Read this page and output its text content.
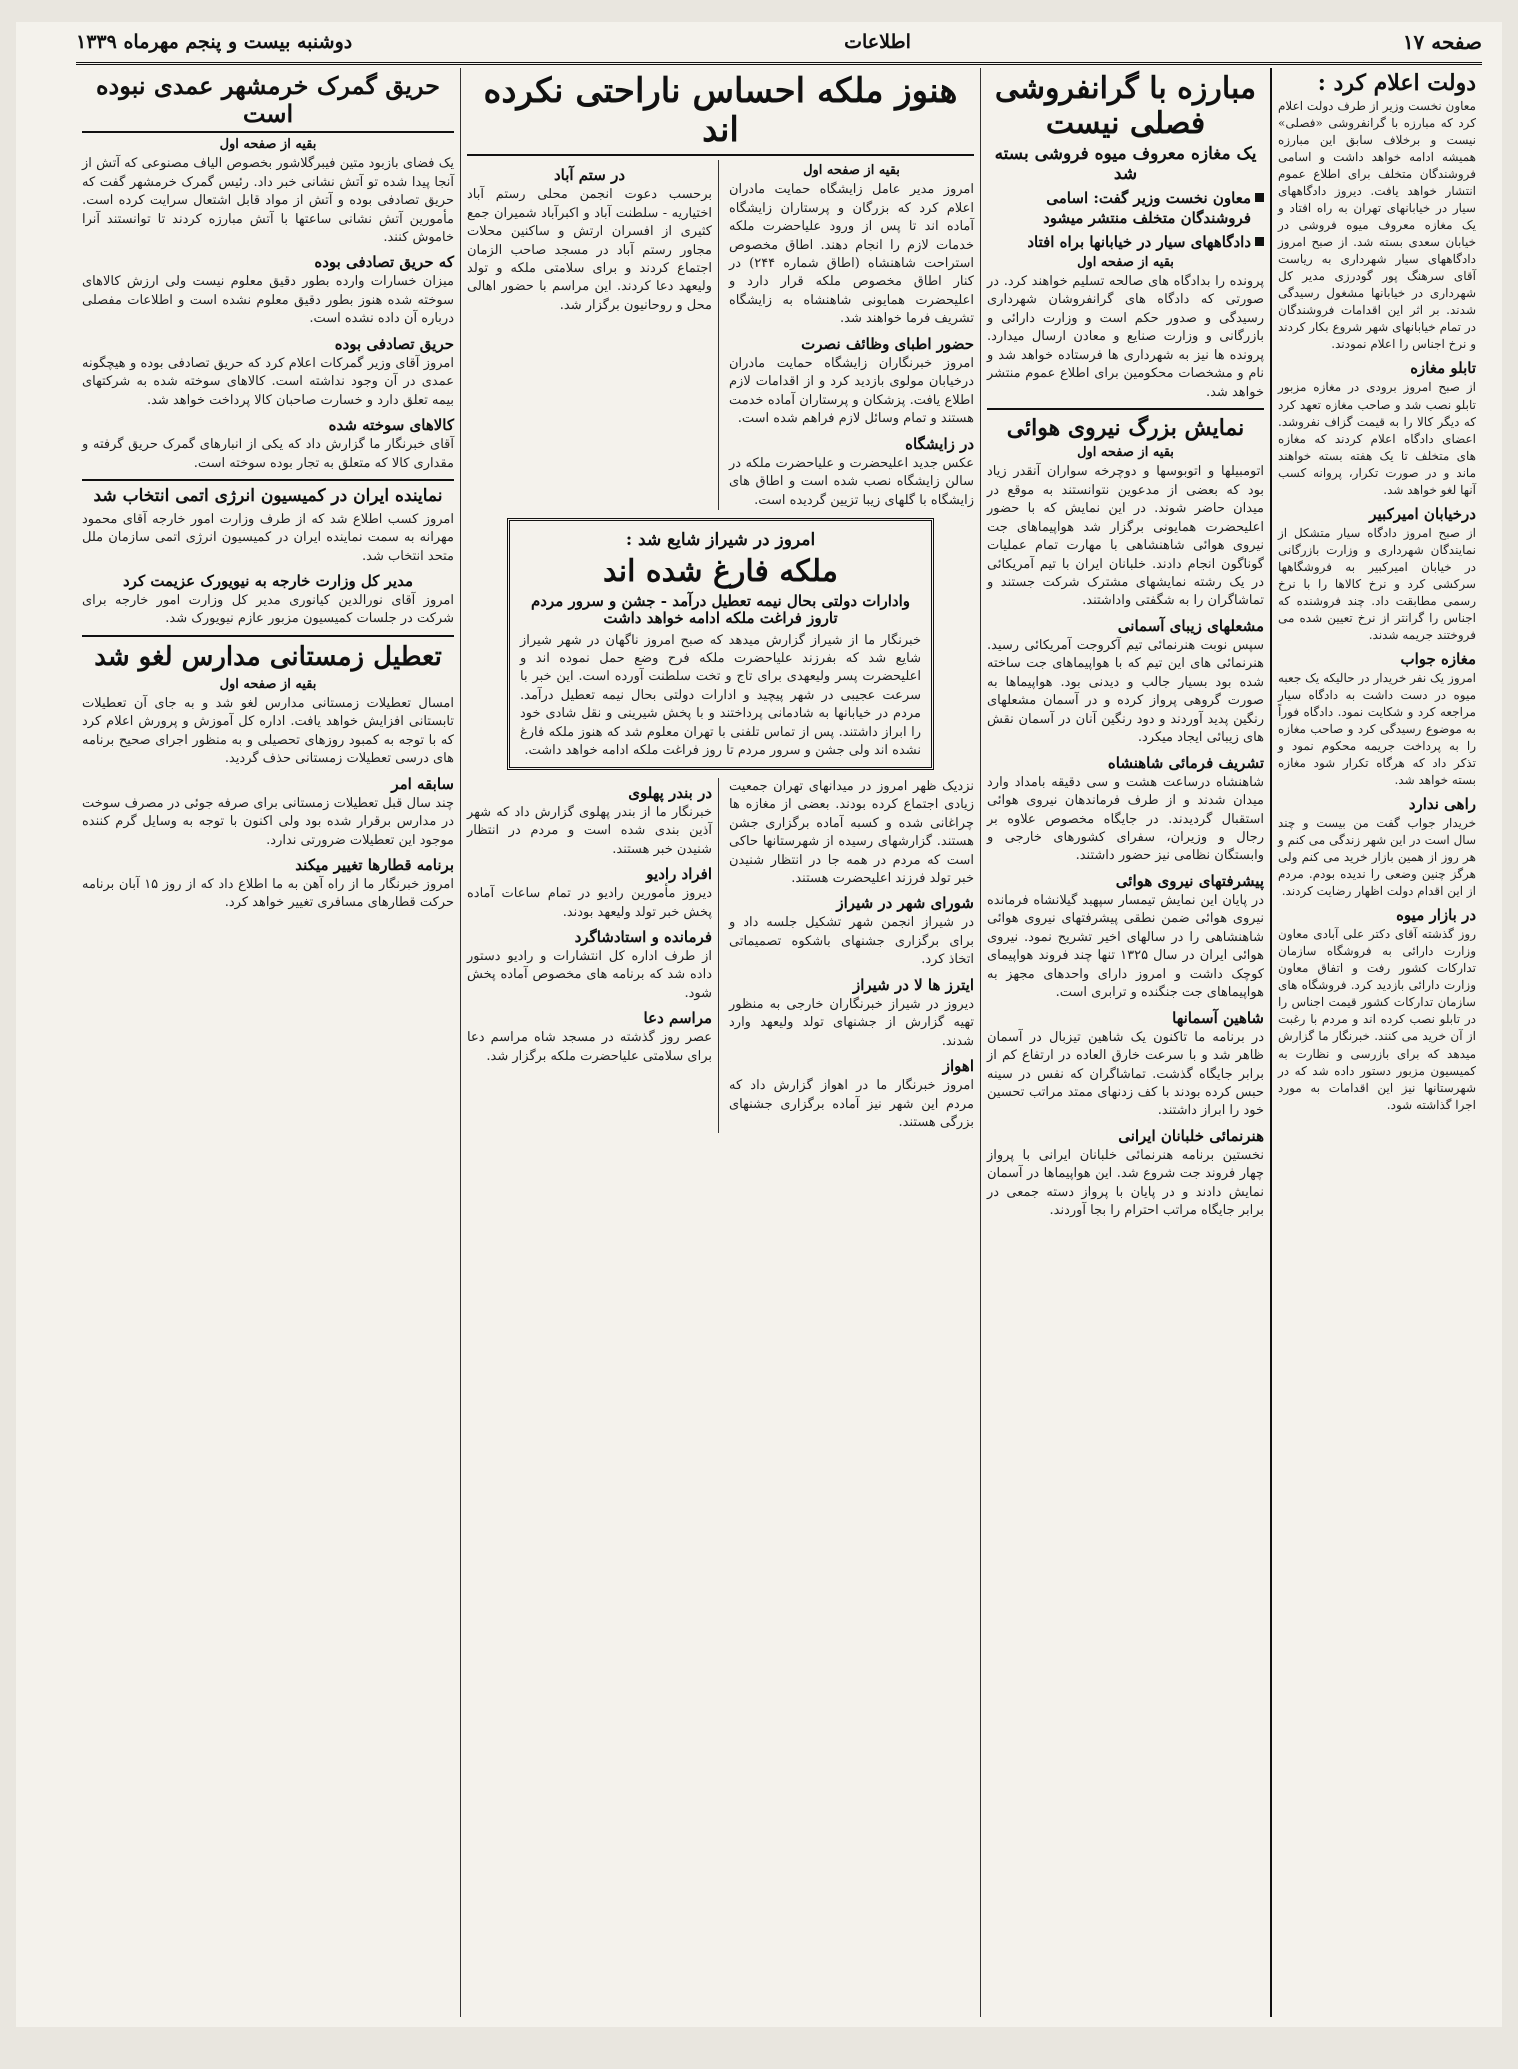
صفحه ۱۷
اطلاعات
دوشنبه بیست و پنجم مهرماه ۱۳۳۹
دولت اعلام کرد :
معاون نخست وزیر از طرف دولت اعلام کرد که مبارزه با گرانفروشی «فصلی» نیست و برخلاف سابق این مبارزه همیشه ادامه خواهد داشت و اسامی فروشندگان متخلف برای اطلاع عموم انتشار خواهد یافت. دیروز دادگاههای سیار در خیابانهای تهران به راه افتاد و یک مغازه معروف میوه فروشی در خیابان سعدی بسته شد. از صبح امروز دادگاههای سیار شهرداری به ریاست آقای سرهنگ پور گودرزی مدیر کل شهرداری در خیابانها مشغول رسیدگی شدند. بر اثر این اقدامات فروشندگان در تمام خیابانهای شهر شروع بکار کردند و نرخ اجناس را اعلام نمودند.
تابلو مغازه
از صبح امروز برودی در مغازه مزبور تابلو نصب شد و صاحب مغازه تعهد کرد که دیگر کالا را به قیمت گزاف نفروشد. اعضای دادگاه اعلام کردند که مغازه های متخلف تا یک هفته بسته خواهند ماند و در صورت تکرار، پروانه کسب آنها لغو خواهد شد.
درخیابان امیرکبیر
از صبح امروز دادگاه سیار متشکل از نمایندگان شهرداری و وزارت بازرگانی در خیابان امیرکبیر به فروشگاهها سرکشی کرد و نرخ کالاها را با نرخ رسمی مطابقت داد. چند فروشنده که اجناس را گرانتر از نرخ تعیین شده می فروختند جریمه شدند.
مغازه جواب
امروز یک نفر خریدار در حالیکه یک جعبه میوه در دست داشت به دادگاه سیار مراجعه کرد و شکایت نمود. دادگاه فوراً به موضوع رسیدگی کرد و صاحب مغازه را به پرداخت جریمه محکوم نمود و تذکر داد که هرگاه تکرار شود مغازه بسته خواهد شد.
راهی ندارد
خریدار جواب گفت من بیست و چند سال است در این شهر زندگی می کنم و هر روز از همین بازار خرید می کنم ولی هرگز چنین وضعی را ندیده بودم. مردم از این اقدام دولت اظهار رضایت کردند.
در بازار میوه
روز گذشته آقای دکتر علی آبادی معاون وزارت دارائی به فروشگاه سازمان تدارکات کشور رفت و اتفاق معاون وزارت دارائی بازدید کرد. فروشگاه های سازمان تدارکات کشور قیمت اجناس را در تابلو نصب کرده اند و مردم با رغبت از آن خرید می کنند. خبرنگار ما گزارش میدهد که برای بازرسی و نظارت به کمیسیون مزبور دستور داده شد که در شهرستانها نیز این اقدامات به مورد اجرا گذاشته شود.
مبارزه با گرانفروشی فصلی نیست
یک مغازه معروف میوه فروشی بسته شد
معاون نخست وزیر گفت: اسامی فروشندگان متخلف منتشر میشود
دادگاههای سیار در خیابانها براه افتاد
بقیه از صفحه اول
پرونده را بدادگاه های صالحه تسلیم خواهند کرد. در صورتی که دادگاه های گرانفروشان شهرداری رسیدگی و صدور حکم است و وزارت دارائی و بازرگانی و وزارت صنایع و معادن ارسال میدارد. پرونده ها نیز به شهرداری ها فرستاده خواهد شد و نام و مشخصات محکومین برای اطلاع عموم منتشر خواهد شد.
نمایش بزرگ نیروی هوائی
بقیه از صفحه اول
اتومبیلها و اتوبوسها و دوچرخه سواران آنقدر زیاد بود که بعضی از مدعوین نتوانستند به موقع در میدان حاضر شوند. در این نمایش که با حضور اعلیحضرت همایونی برگزار شد هواپیماهای جت نیروی هوائی شاهنشاهی با مهارت تمام عملیات گوناگون انجام دادند. خلبانان ایران با تیم آمریکائی در یک رشته نمایشهای مشترک شرکت جستند و تماشاگران را به شگفتی واداشتند.
مشعلهای زیبای آسمانی
سپس نوبت هنرنمائی تیم آکروجت آمریکائی رسید. هنرنمائی های این تیم که با هواپیماهای جت ساخته شده بود بسیار جالب و دیدنی بود. هواپیماها به صورت گروهی پرواز کرده و در آسمان مشعلهای رنگین پدید آوردند و دود رنگین آنان در آسمان نقش های زیبائی ایجاد میکرد.
تشریف فرمائی شاهنشاه
شاهنشاه درساعت هشت و سی دقیقه بامداد وارد میدان شدند و از طرف فرماندهان نیروی هوائی استقبال گردیدند. در جایگاه مخصوص علاوه بر رجال و وزیران، سفرای کشورهای خارجی و وابستگان نظامی نیز حضور داشتند.
پیشرفتهای نیروی هوائی
در پایان این نمایش تیمسار سپهبد گیلانشاه فرمانده نیروی هوائی ضمن نطقی پیشرفتهای نیروی هوائی شاهنشاهی را در سالهای اخیر تشریح نمود. نیروی هوائی ایران در سال ۱۳۲۵ تنها چند فروند هواپیمای کوچک داشت و امروز دارای واحدهای مجهز به هواپیماهای جت جنگنده و ترابری است.
شاهین آسمانها
در برنامه ما تاکنون یک شاهین تیزبال در آسمان ظاهر شد و با سرعت خارق العاده در ارتفاع کم از برابر جایگاه گذشت. تماشاگران که نفس در سینه حبس کرده بودند با کف زدنهای ممتد مراتب تحسین خود را ابراز داشتند.
هنرنمائی خلبانان ایرانی
نخستین برنامه هنرنمائی خلبانان ایرانی با پرواز چهار فروند جت شروع شد. این هواپیماها در آسمان نمایش دادند و در پایان با پرواز دسته جمعی در برابر جایگاه مراتب احترام را بجا آوردند.
هنوز ملکه احساس ناراحتی نکرده اند
بقیه از صفحه اول
امروز مدیر عامل زایشگاه حمایت مادران اعلام کرد که بزرگان و پرستاران زایشگاه آماده اند تا پس از ورود علیاحضرت ملکه خدمات لازم را انجام دهند. اطاق مخصوص استراحت شاهنشاه (اطاق شماره ۲۴۴) در کنار اطاق مخصوص ملکه قرار دارد و اعلیحضرت همایونی شاهنشاه به زایشگاه تشریف فرما خواهند شد.
حضور اطبای وظائف نصرت
امروز خبرنگاران زایشگاه حمایت مادران درخیابان مولوی بازدید کرد و از اقدامات لازم اطلاع یافت. پزشکان و پرستاران آماده خدمت هستند و تمام وسائل لازم فراهم شده است.
در زایشگاه
عکس جدید اعلیحضرت و علیاحضرت ملکه در سالن زایشگاه نصب شده است و اطاق های زایشگاه با گلهای زیبا تزیین گردیده است.
در ستم آباد
برحسب دعوت انجمن محلی رستم آباد اختیاریه - سلطنت آباد و اکبرآباد شمیران جمع کثیری از افسران ارتش و ساکنین محلات مجاور رستم آباد در مسجد صاحب الزمان اجتماع کردند و برای سلامتی ملکه و تولد ولیعهد دعا کردند. این مراسم با حضور اهالی محل و روحانیون برگزار شد.
امروز در شیراز شایع شد :
ملکه فارغ شده اند
وادارات دولتی بحال نیمه تعطیل درآمد - جشن و سرور مردم تاروز فراغت ملکه ادامه خواهد داشت
خبرنگار ما از شیراز گزارش میدهد که صبح امروز ناگهان در شهر شیراز شایع شد که بفرزند علیاحضرت ملکه فرح وضع حمل نموده اند و اعلیحضرت پسر ولیعهدی برای تاج و تخت سلطنت آورده است. این خبر با سرعت عجیبی در شهر پیچید و ادارات دولتی بحال نیمه تعطیل درآمد. مردم در خیابانها به شادمانی پرداختند و با پخش شیرینی و نقل شادی خود را ابراز داشتند. پس از تماس تلفنی با تهران معلوم شد که هنوز ملکه فارغ نشده اند ولی جشن و سرور مردم تا روز فراغت ملکه ادامه خواهد داشت.
نزدیک ظهر امروز در میدانهای تهران جمعیت زیادی اجتماع کرده بودند. بعضی از مغازه ها چراغانی شده و کسبه آماده برگزاری جشن هستند. گزارشهای رسیده از شهرستانها حاکی است که مردم در همه جا در انتظار شنیدن خبر تولد فرزند اعلیحضرت هستند.
شورای شهر در شیراز
در شیراز انجمن شهر تشکیل جلسه داد و برای برگزاری جشنهای باشکوه تصمیماتی اتخاذ کرد.
ایترز ها لا در شیراز
دیروز در شیراز خبرنگاران خارجی به منظور تهیه گزارش از جشنهای تولد ولیعهد وارد شدند.
اهواز
امروز خبرنگار ما در اهواز گزارش داد که مردم این شهر نیز آماده برگزاری جشنهای بزرگی هستند.
در بندر پهلوی
خبرنگار ما از بندر پهلوی گزارش داد که شهر آذین بندی شده است و مردم در انتظار شنیدن خبر هستند.
افراد رادیو
دیروز مأمورین رادیو در تمام ساعات آماده پخش خبر تولد ولیعهد بودند.
فرمانده و استادشاگرد
از طرف اداره کل انتشارات و رادیو دستور داده شد که برنامه های مخصوص آماده پخش شود.
مراسم دعا
عصر روز گذشته در مسجد شاه مراسم دعا برای سلامتی علیاحضرت ملکه برگزار شد.
حریق گمرک خرمشهر عمدی نبوده است
بقیه از صفحه اول
یک فضای بازبود متین فیبرگلاشور بخصوص الیاف مصنوعی که آتش از آنجا پیدا شده تو آتش نشانی خبر داد. رئیس گمرک خرمشهر گفت که حریق تصادفی بوده و آتش از مواد قابل اشتعال سرایت کرده است. مأمورین آتش نشانی ساعتها با آتش مبارزه کردند تا توانستند آنرا خاموش کنند.
که حریق تصادفی بوده
میزان خسارات وارده بطور دقیق معلوم نیست ولی ارزش کالاهای سوخته شده هنوز بطور دقیق معلوم نشده است و اطلاعات مفصلی درباره آن داده نشده است.
حریق تصادفی بوده
امروز آقای وزیر گمرکات اعلام کرد که حریق تصادفی بوده و هیچگونه عمدی در آن وجود نداشته است. کالاهای سوخته شده به شرکتهای بیمه تعلق دارد و خسارت صاحبان کالا پرداخت خواهد شد.
کالاهای سوخته شده
آقای خبرنگار ما گزارش داد که یکی از انبارهای گمرک حریق گرفته و مقداری کالا که متعلق به تجار بوده سوخته است.
نماینده ایران در کمیسیون انرژی اتمی انتخاب شد
امروز کسب اطلاع شد که از طرف وزارت امور خارجه آقای محمود مهرانه به سمت نماینده ایران در کمیسیون انرژی اتمی سازمان ملل متحد انتخاب شد.
مدیر کل وزارت خارجه به نیویورک عزیمت کرد
امروز آقای نورالدین کیانوری مدیر کل وزارت امور خارجه برای شرکت در جلسات کمیسیون مزبور عازم نیویورک شد.
تعطیل زمستانی مدارس لغو شد
بقیه از صفحه اول
امسال تعطیلات زمستانی مدارس لغو شد و به جای آن تعطیلات تابستانی افزایش خواهد یافت. اداره کل آموزش و پرورش اعلام کرد که با توجه به کمبود روزهای تحصیلی و به منظور اجرای صحیح برنامه های درسی تعطیلات زمستانی حذف گردید.
سابقه امر
چند سال قبل تعطیلات زمستانی برای صرفه جوئی در مصرف سوخت در مدارس برقرار شده بود ولی اکنون با توجه به وسایل گرم کننده موجود این تعطیلات ضرورتی ندارد.
برنامه قطارها تغییر میکند
امروز خبرنگار ما از راه آهن به ما اطلاع داد که از روز ۱۵ آبان برنامه حرکت قطارهای مسافری تغییر خواهد کرد.
